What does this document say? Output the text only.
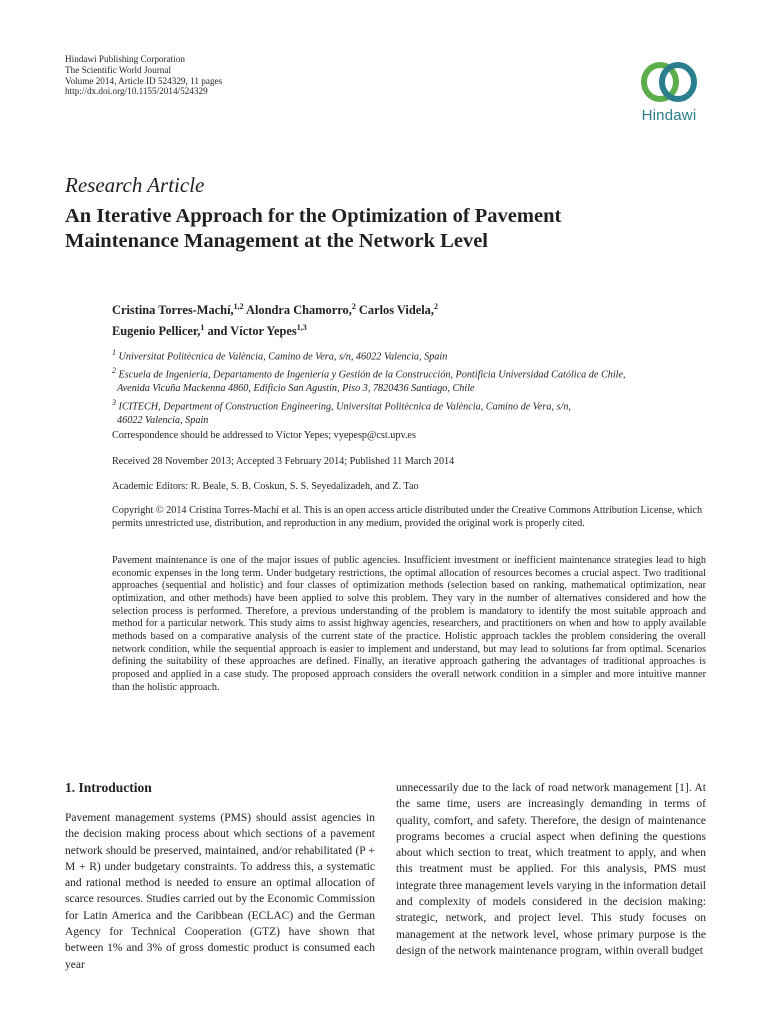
Hindawi Publishing Corporation
The Scientific World Journal
Volume 2014, Article ID 524329, 11 pages
http://dx.doi.org/10.1155/2014/524329
Hindawi
Research Article
An Iterative Approach for the Optimization of Pavement
Maintenance Management at the Network Level
Cristina Torres-Machí,$^{1,2}$ Alondra Chamorro,$^2$ Carlos Videla,$^2$
Eugenio Pellicer,$^1$ and Víctor Yepes$^{1,3}$

$^1$ Universitat Politècnica de València, Camino de Vera, s/n, 46022 Valencia, Spain

$^2$ Escuela de Ingeniería, Departamento de Ingeniería y Gestión de la Construcción, Pontificia Universidad Católica de Chile,
Avenida Vicuña Mackenna 4860, Edificio San Agustín, Piso 3, 7820436 Santiago, Chile

$^3$ ICITECH, Department of Construction Engineering, Universitat Politècnica de València, Camino de Vera, s/n,
46022 Valencia, Spain

Correspondence should be addressed to Víctor Yepes; vyepesp@cst.upv.es
Received 28 November 2013; Accepted 3 February 2014; Published 11 March 2014
Academic Editors: R. Beale, S. B. Coskun, S. S. Seyedalizadeh, and Z. Tao
Copyright © 2014 Cristina Torres-Machí et al. This is an open access article distributed under the Creative Commons Attribution License, which permits unrestricted use, distribution, and reproduction in any medium, provided the original work is properly cited.
Pavement maintenance is one of the major issues of public agencies. Insufficient investment or inefficient maintenance strategies lead to high economic expenses in the long term. Under budgetary restrictions, the optimal allocation of resources becomes a crucial aspect. Two traditional approaches (sequential and holistic) and four classes of optimization methods (selection based on ranking, mathematical optimization, near optimization, and other methods) have been applied to solve this problem. They vary in the number of alternatives considered and how the selection process is performed. Therefore, a previous understanding of the problem is mandatory to identify the most suitable approach and method for a particular network. This study aims to assist highway agencies, researchers, and practitioners on when and how to apply available methods based on a comparative analysis of the current state of the practice. Holistic approach tackles the problem considering the overall network condition, while the sequential approach is easier to implement and understand, but may lead to solutions far from optimal. Scenarios defining the suitability of these approaches are defined. Finally, an iterative approach gathering the advantages of traditional approaches is proposed and applied in a case study. The proposed approach considers the overall network condition in a simpler and more intuitive manner than the holistic approach.
1. Introduction
Pavement management systems (PMS) should assist agencies in the decision making process about which sections of a pavement network should be preserved, maintained, and/or rehabilitated (P + M + R) under budgetary constraints. To address this, a systematic and rational method is needed to ensure an optimal allocation of scarce resources. Studies carried out by the Economic Commission for Latin America and the Caribbean (ECLAC) and the German Agency for Technical Cooperation (GTZ) have shown that between 1% and 3% of gross domestic product is consumed each year
unnecessarily due to the lack of road network management [1]. At the same time, users are increasingly demanding in terms of quality, comfort, and safety. Therefore, the design of maintenance programs becomes a crucial aspect when defining the questions about which section to treat, which treatment to apply, and when this treatment must be applied. For this analysis, PMS must integrate three management levels varying in the information detail and complexity of models considered in the decision making: strategic, network, and project level. This study focuses on management at the network level, whose primary purpose is the design of the network maintenance program, within overall budget
